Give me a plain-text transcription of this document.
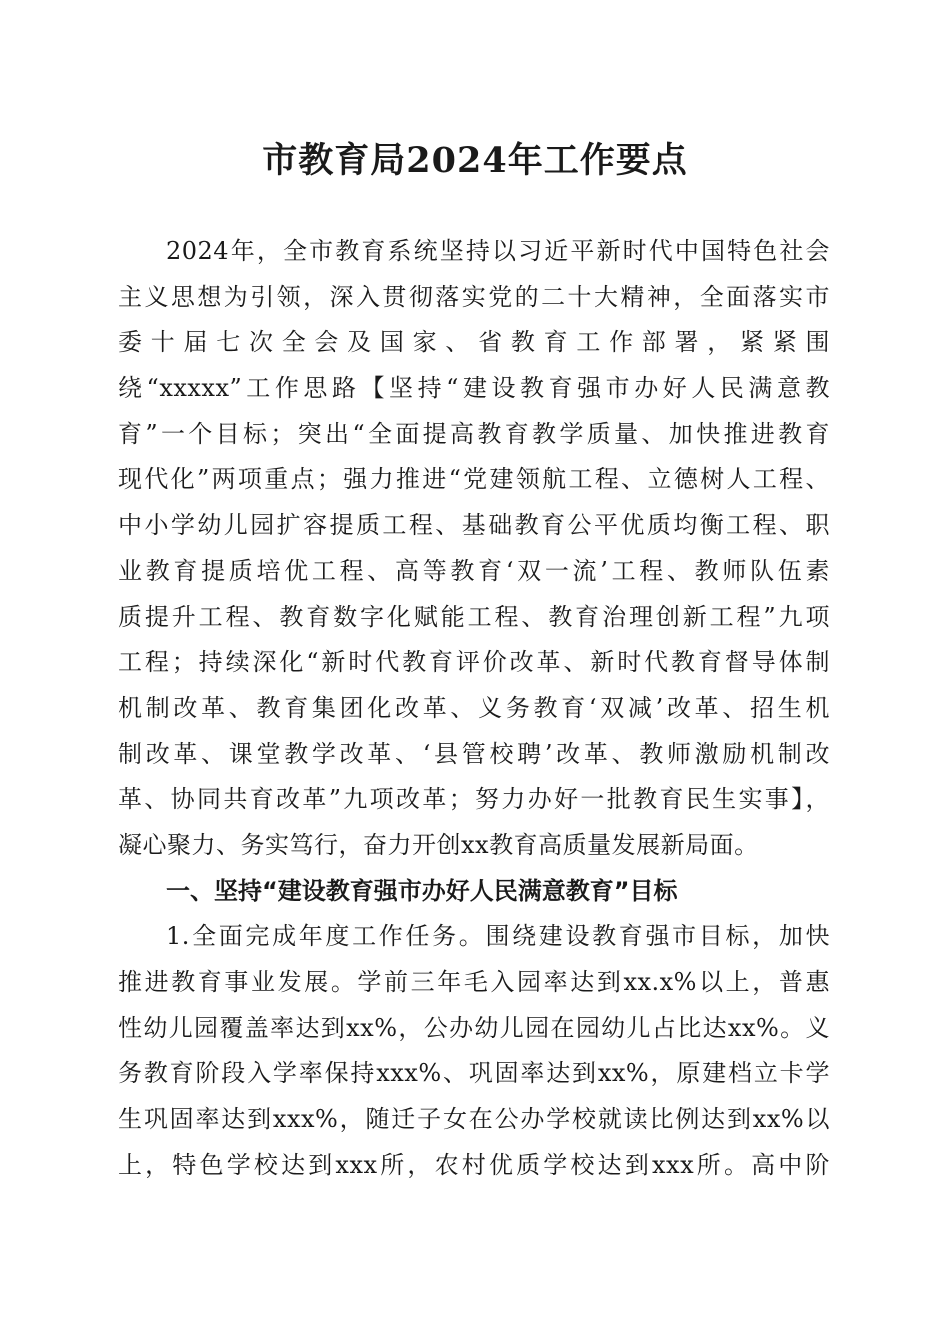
市教育局2024年工作要点
2024年，全市教育系统坚持以习近平新时代中国特色社会
主义思想为引领，深入贯彻落实党的二十大精神，全面落实市
委十届七次全会及国家、省教育工作部署，紧紧围
绕“xxxxx”工作思路【坚持“建设教育强市办好人民满意教
育”一个目标；突出“全面提高教育教学质量、加快推进教育
现代化”两项重点；强力推进“党建领航工程、立德树人工程、
中小学幼儿园扩容提质工程、基础教育公平优质均衡工程、职
业教育提质培优工程、高等教育‘双一流’工程、教师队伍素
质提升工程、教育数字化赋能工程、教育治理创新工程”九项
工程；持续深化“新时代教育评价改革、新时代教育督导体制
机制改革、教育集团化改革、义务教育‘双减’改革、招生机
制改革、课堂教学改革、‘县管校聘’改革、教师激励机制改
革、协同共育改革”九项改革；努力办好一批教育民生实事】，
凝心聚力、务实笃行，奋力开创xx教育高质量发展新局面。
一、坚持“建设教育强市办好人民满意教育”目标
1.全面完成年度工作任务。围绕建设教育强市目标，加快
推进教育事业发展。学前三年毛入园率达到xx.x%以上，普惠
性幼儿园覆盖率达到xx%，公办幼儿园在园幼儿占比达xx%。义
务教育阶段入学率保持xxx%、巩固率达到xx%，原建档立卡学
生巩固率达到xxx%，随迁子女在公办学校就读比例达到xx%以
上，特色学校达到xxx所，农村优质学校达到xxx所。高中阶
